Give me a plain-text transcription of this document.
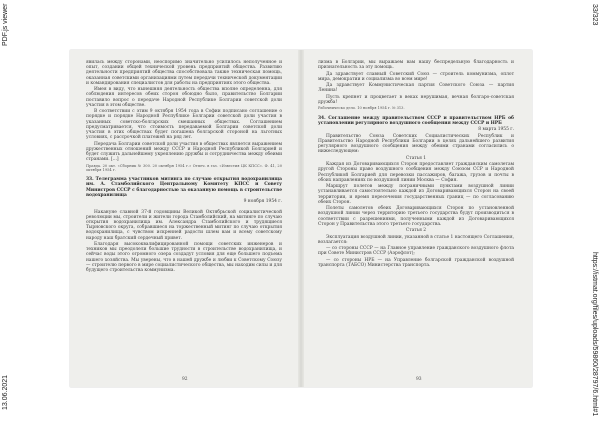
13.06.2021
PDF.js viewer
https://istmat.org/files/uploads/59860/28797/6.html#1
33/323

явилась между сторонами, неоспоримо значительно усилилось неполученное и опыт, создании общей технической уровень предприятий общества. Развитию деятельности предприятий общества способствовала также техническая помощь, оказанная советскими организациями путем передачи технической документации и командирования специалистов для работы на предприятиях этого общества.

Имея в виду, что нынешняя деятельность общества вполне определенна, для соблюдения интересов обеих сторон обоюдно было, правительство Болгарии поставило вопрос о передаче Народной Республике Болгарии советской доли участия в этом обществе.

В соответствии с этим 9 октября 1954 года в Софии подписано соглашение о порядке и порядке Народной Республике Болгарии советской доли участия в указанных советско-болгарских смешанных обществах. Соглашением предусматривается, что стоимость передаваемой Болгарии советской доли участия в этих обществах будет погашена болгарской стороной на льготных условиях, с рассрочкой платежей на ряд лет.

Передача Болгарии советской доли участия в обществах является выражением дружественных отношений между СССР и Народной Республикой Болгарией и будет служить дальнейшему укреплению дружбы и сотрудничества между обеими странами. [...]

Правда. 20 окт. «Сборник № 300. 20 октября 1954 г.» Отпеч. в газ. «Известия ЦК КПСС». Ф. 41, 20 октября 1954 г.

33. Телеграмма участников митинга по случаю открытия водохранилища им. А. Стамболийского Центральному Комитету КПСС и Совету Министров СССР с благодарностью за оказанную помощь в строительстве водохранилища

9 ноября 1954 г.

Накануне славной 37-й годовщины Великой Октябрьской социалистической революции мы, строители и жители города Стамболийский, на митинге по случаю открытия водохранилища им. Александра Стамболийского и трудящиеся Тырновского округа, собравшиеся на торжественный митинг по случаю открытия водохранилища, с чувством искренней радости шлем вам и всему советскому народу наш братский сердечный привет.

Благодаря высококвалифицированной помощи советских инженеров и техников мы преодолели большие трудности в строительстве водохранилища, и сейчас воды этого огромного озера создадут условия для еще большего подъема нашего хозяйства. Мы уверены, что в нашей дружбе и любви к Советскому Союзу — строителю первого в мире социалистического общества, мы находим силы и для будущего строительства коммунизма.

92

лизма в Болгарии, мы выражаем вам нашу беспредельную благодарность и признательность за эту помощь.

Да здравствует славный Советский Союз — строитель коммунизма, оплот мира, демократии и социализма во всем мире!

Да здравствует Коммунистическая партия Советского Союза — партия Ленина!

Пусть крепнет и процветает в веках нерушимая, вечная болгаро-советская дружба!

Рабочническо дело. 10 ноября 1954 г. № 313.

34. Соглашение между правительством СССР и правительством НРБ об установлении регулярного воздушного сообщения между СССР и НРБ

8 марта 1955 г.

Правительство Союза Советских Социалистических Республик и Правительство Народной Республики Болгарии в целях дальнейшего развития регулярного воздушного сообщения между обеими странами согласились о нижеследующем:

Статья 1

Каждая из Договаривающихся Сторон предоставляет гражданским самолетам другой Стороны право воздушного сообщения между Союзом ССР и Народной Республикой Болгарией для перевозки пассажиров, багажа, грузов и почты в обоих направлениях по воздушной линии Москва — София.

Маршрут полетов между пограничными пунктами воздушной линии устанавливается самостоятельно каждой из Договаривающихся Сторон на своей территории, и время пересечения государственных границ — по согласованию обеих Сторон.

Полеты самолетов обеих Договаривающихся Сторон по установленной воздушной линии через территорию третьего государства будут производиться в соответствии с разрешениями, полученными каждой из Договаривающихся Сторон у Правительства этого третьего государства.

Статья 2

Эксплуатация воздушной линии, указанной в статье 1 настоящего Соглашения, возлагается:

— со стороны СССР — на Главное управление гражданского воздушного флота при Совете Министров СССР (Аэрофлот);

— со стороны НРБ — на Управление болгарской гражданской воздушной транспорта (ТАБСО) Министерства транспорта.

93
